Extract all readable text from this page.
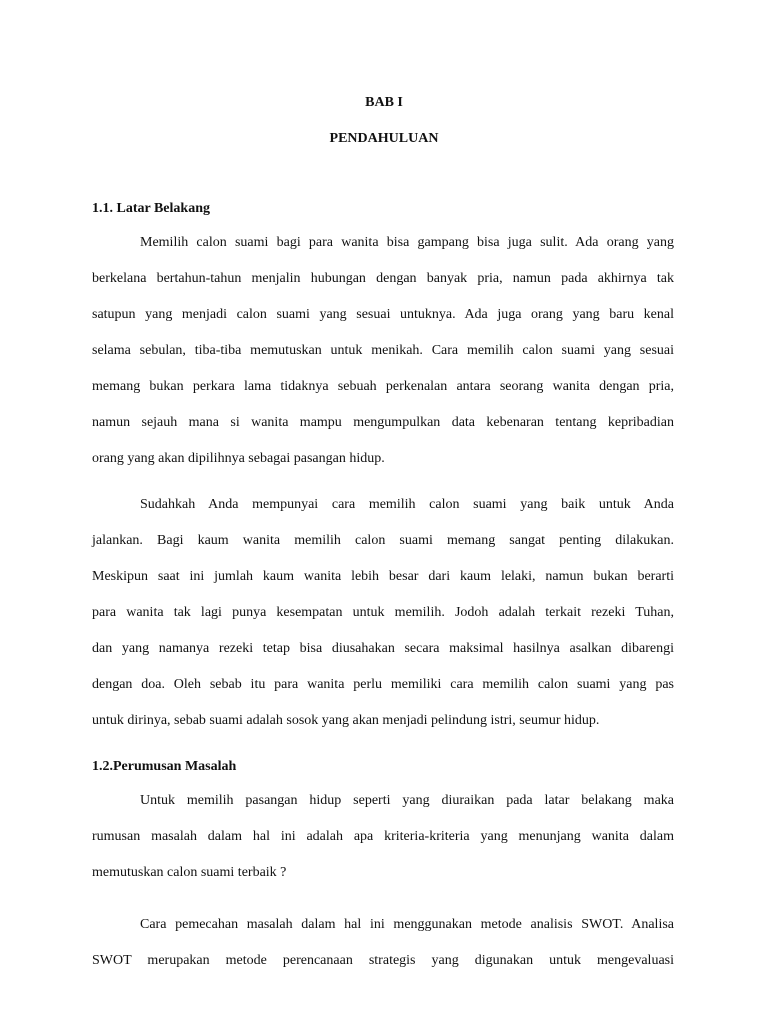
BAB I
PENDAHULUAN
1.1. Latar Belakang
Memilih calon suami bagi para wanita bisa gampang bisa juga sulit. Ada orang yang
berkelana bertahun-tahun menjalin hubungan dengan banyak pria, namun pada akhirnya tak
satupun yang menjadi calon suami yang sesuai untuknya. Ada juga orang yang baru kenal
selama sebulan, tiba-tiba memutuskan untuk menikah. Cara memilih calon suami yang sesuai
memang bukan perkara lama tidaknya sebuah perkenalan antara seorang wanita dengan pria,
namun sejauh mana si wanita mampu mengumpulkan data kebenaran tentang kepribadian
orang yang akan dipilihnya sebagai pasangan hidup.
Sudahkah Anda mempunyai cara memilih calon suami yang baik untuk Anda
jalankan. Bagi kaum wanita memilih calon suami memang sangat penting dilakukan.
Meskipun saat ini jumlah kaum wanita lebih besar dari kaum lelaki, namun bukan berarti
para wanita tak lagi punya kesempatan untuk memilih. Jodoh adalah terkait rezeki Tuhan,
dan yang namanya rezeki tetap bisa diusahakan secara maksimal hasilnya asalkan dibarengi
dengan doa. Oleh sebab itu para wanita perlu memiliki cara memilih calon suami yang pas
untuk dirinya, sebab suami adalah sosok yang akan menjadi pelindung istri, seumur hidup.
1.2.Perumusan Masalah
Untuk memilih pasangan hidup seperti yang diuraikan pada latar belakang maka
rumusan masalah dalam hal ini adalah apa kriteria-kriteria yang menunjang wanita dalam
memutuskan calon suami terbaik ?
Cara pemecahan masalah dalam hal ini menggunakan metode analisis SWOT. Analisa
SWOT merupakan metode perencanaan strategis yang digunakan untuk mengevaluasi
